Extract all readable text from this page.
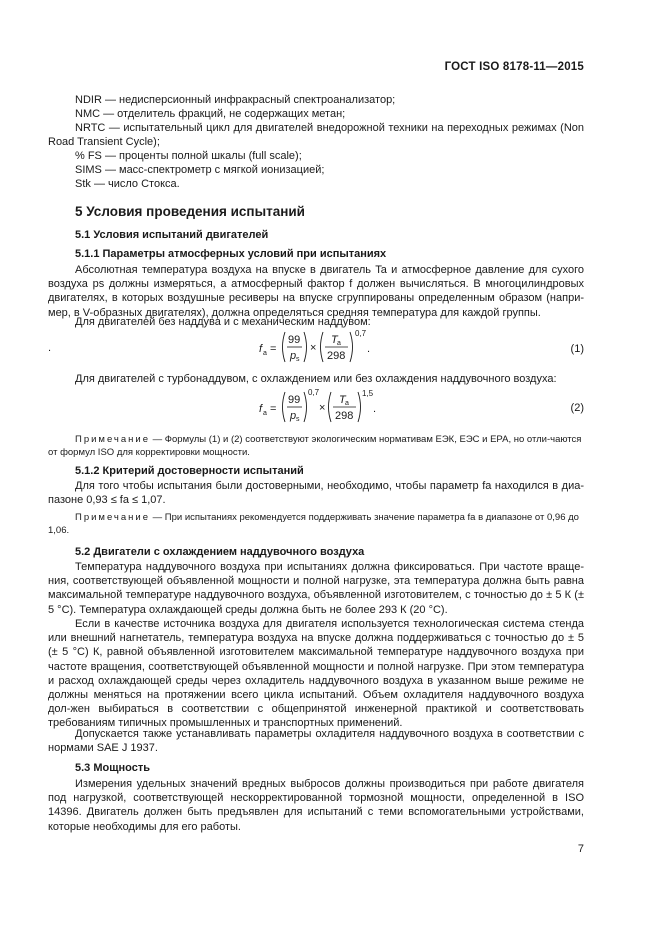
ГОСТ ISO 8178-11—2015
NDIR — недисперсионный инфракрасный спектроанализатор;
NMC — отделитель фракций, не содержащих метан;
NRTC — испытательный цикл для двигателей внедорожной техники на переходных режимах (Non Road Transient Cycle);
% FS — проценты полной шкалы (full scale);
SIMS — масс-спектрометр с мягкой ионизацией;
Stk — число Стокса.
5 Условия проведения испытаний
5.1 Условия испытаний двигателей
5.1.1 Параметры атмосферных условий при испытаниях
Абсолютная температура воздуха на впуске в двигатель Ta и атмосферное давление для сухого воздуха ps должны измеряться, а атмосферный фактор f должен вычисляться. В многоцилиндровых двигателях, в которых воздушные ресиверы на впуске сгруппированы определенным образом (напри-мер, в V-образных двигателях), должна определяться средняя температура для каждой группы.
Для двигателей без наддува и с механическим наддувом:
.	f a =
99
p s
×
T a
298
0,7
.	(1)
Для двигателей с турбонаддувом, с охлаждением или без охлаждения наддувочного воздуха:
f a =
99
p s
0,7
×
T a
298
1,5
.	(2)
Примечание — Формулы (1) и (2) соответствуют экологическим нормативам ЕЭК, ЕЭС и ЕРА, но отли-чаются от формул ISO для корректировки мощности.
5.1.2 Критерий достоверности испытаний
Для того чтобы испытания были достоверными, необходимо, чтобы параметр fa находился в диа-пазоне 0,93 ≤ fa ≤ 1,07.
Примечание — При испытаниях рекомендуется поддерживать значение параметра fa в диапазоне от 0,96 до 1,06.
5.2 Двигатели с охлаждением наддувочного воздуха
Температура наддувочного воздуха при испытаниях должна фиксироваться. При частоте враще-ния, соответствующей объявленной мощности и полной нагрузке, эта температура должна быть равна максимальной температуре наддувочного воздуха, объявленной изготовителем, с точностью до ± 5 К (± 5 °С). Температура охлаждающей среды должна быть не более 293 К (20 °С).
Если в качестве источника воздуха для двигателя используется технологическая система стенда или внешний нагнетатель, температура воздуха на впуске должна поддерживаться с точностью до ± 5 (± 5 °С) К, равной объявленной изготовителем максимальной температуре наддувочного воздуха при частоте вращения, соответствующей объявленной мощности и полной нагрузке. При этом температура и расход охлаждающей среды через охладитель наддувочного воздуха в указанном выше режиме не должны меняться на протяжении всего цикла испытаний. Объем охладителя наддувочного воздуха дол-жен выбираться в соответствии с общепринятой инженерной практикой и соответствовать требованиям типичных промышленных и транспортных применений.
Допускается также устанавливать параметры охладителя наддувочного воздуха в соответствии с нормами SAE J 1937.
5.3 Мощность
Измерения удельных значений вредных выбросов должны производиться при работе двигателя под нагрузкой, соответствующей нескорректированной тормозной мощности, определенной в ISO 14396. Двигатель должен быть предъявлен для испытаний с теми вспомогательными устройствами, которые необходимы для его работы.
7
